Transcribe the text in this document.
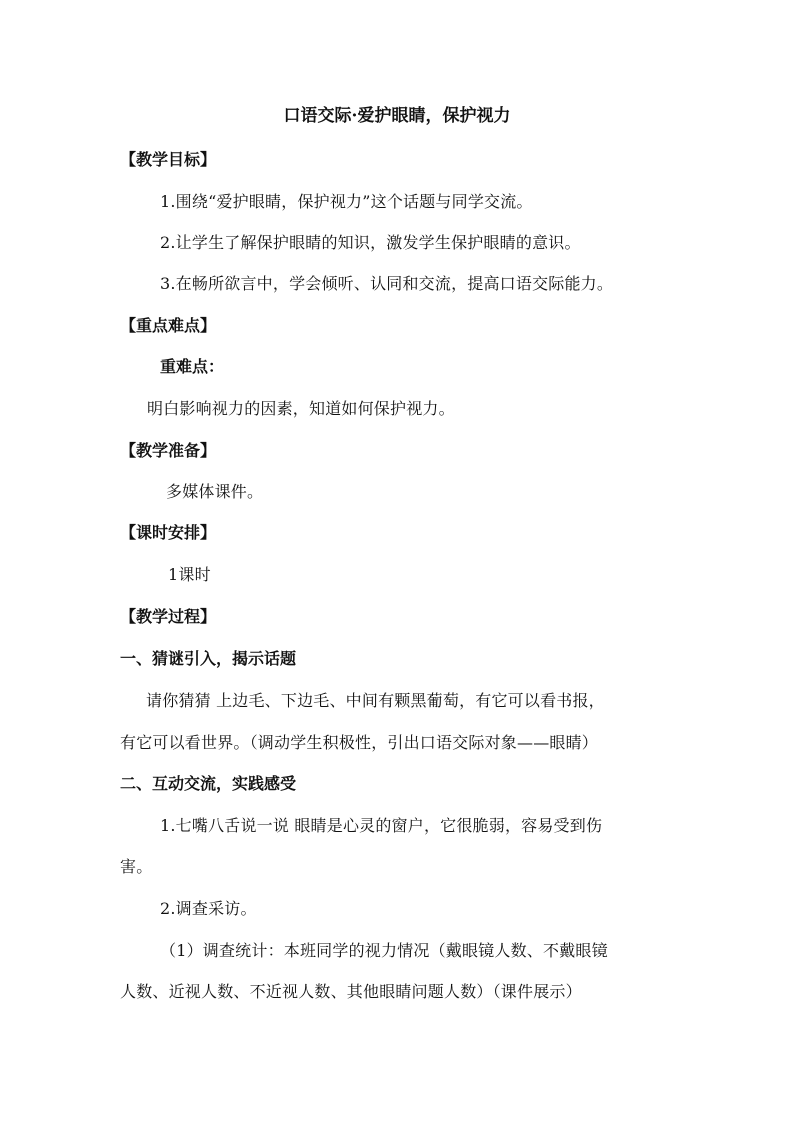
口语交际·爱护眼睛，保护视力
【教学目标】
1.围绕“爱护眼睛，保护视力”这个话题与同学交流。
2.让学生了解保护眼睛的知识，激发学生保护眼睛的意识。
3.在畅所欲言中，学会倾听、认同和交流，提高口语交际能力。
【重点难点】
重难点：
明白影响视力的因素，知道如何保护视力。
【教学准备】
多媒体课件。
【课时安排】
1课时
【教学过程】
一、猜谜引入，揭示话题
请你猜猜 上边毛、下边毛、中间有颗黑葡萄，有它可以看书报，
有它可以看世界。（调动学生积极性，引出口语交际对象——眼睛）
二、互动交流，实践感受
1.七嘴八舌说一说 眼睛是心灵的窗户，它很脆弱，容易受到伤
害。
2.调查采访。
（1）调查统计：本班同学的视力情况（戴眼镜人数、不戴眼镜
人数、近视人数、不近视人数、其他眼睛问题人数）（课件展示）
